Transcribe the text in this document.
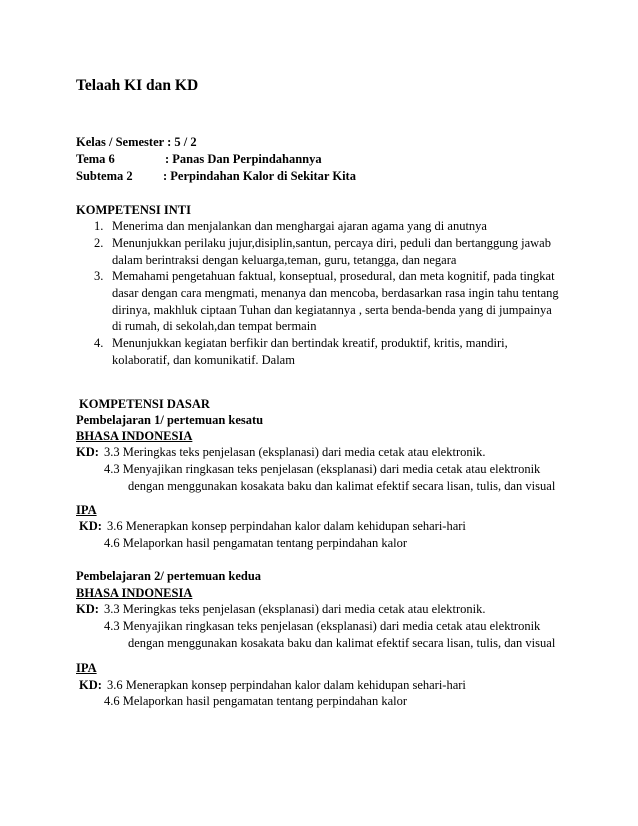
Telaah KI dan KD
Kelas / Semester : 5 / 2
Tema 6	: Panas Dan Perpindahannya
Subtema 2 : Perpindahan Kalor di Sekitar Kita
KOMPETENSI INTI
1. Menerima dan menjalankan dan menghargai ajaran agama yang di anutnya
2. Menunjukkan perilaku jujur,disiplin,santun, percaya diri, peduli dan bertanggung jawab
dalam berintraksi dengan keluarga,teman, guru, tetangga, dan negara
3. Memahami pengetahuan faktual, konseptual, prosedural, dan meta kognitif, pada tingkat
dasar dengan cara mengmati, menanya dan mencoba, berdasarkan rasa ingin tahu tentang
dirinya, makhluk ciptaan Tuhan dan kegiatannya , serta benda-benda yang di jumpainya
di rumah, di sekolah,dan tempat bermain
4. Menunjukkan kegiatan berfikir dan bertindak kreatif, produktif, kritis, mandiri,
kolaboratif, dan komunikatif. Dalam
KOMPETENSI DASAR
Pembelajaran 1/ pertemuan kesatu
BHASA INDONESIA
KD: 3.3 Meringkas teks penjelasan (eksplanasi) dari media cetak atau elektronik.
4.3 Menyajikan ringkasan teks penjelasan (eksplanasi) dari media cetak atau elektronik
dengan menggunakan kosakata baku dan kalimat efektif secara lisan, tulis, dan visual
IPA
KD: 3.6 Menerapkan konsep perpindahan kalor dalam kehidupan sehari-hari
4.6 Melaporkan hasil pengamatan tentang perpindahan kalor
Pembelajaran 2/ pertemuan kedua
BHASA INDONESIA
KD: 3.3 Meringkas teks penjelasan (eksplanasi) dari media cetak atau elektronik.
4.3 Menyajikan ringkasan teks penjelasan (eksplanasi) dari media cetak atau elektronik
dengan menggunakan kosakata baku dan kalimat efektif secara lisan, tulis, dan visual
IPA
KD: 3.6 Menerapkan konsep perpindahan kalor dalam kehidupan sehari-hari
4.6 Melaporkan hasil pengamatan tentang perpindahan kalor
